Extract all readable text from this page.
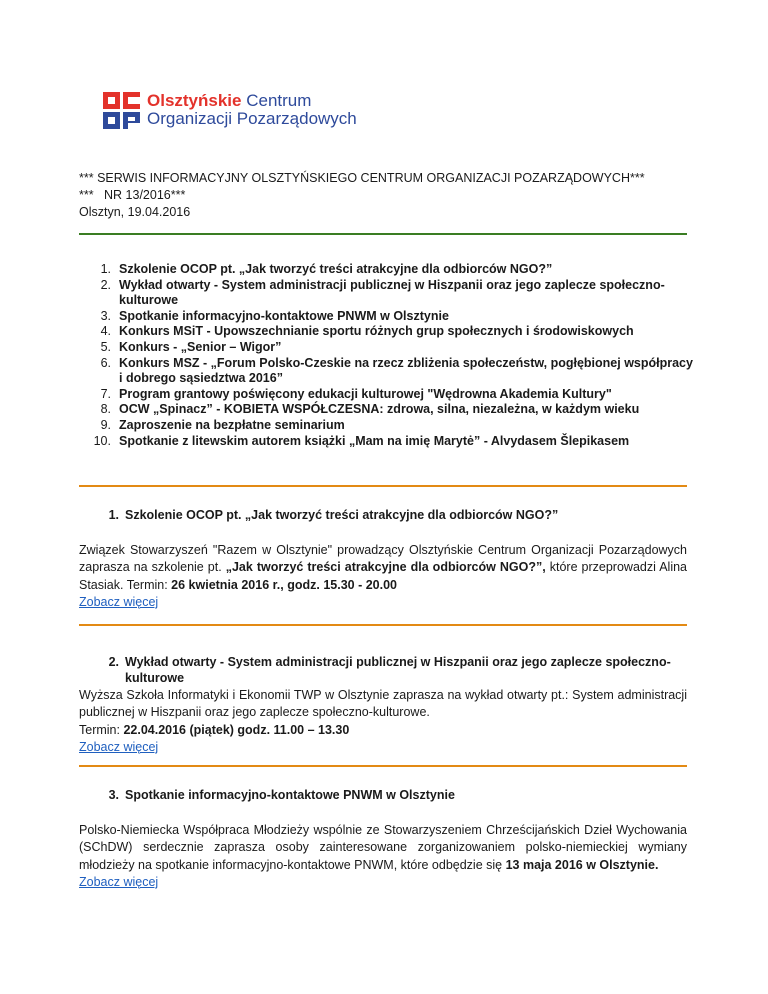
Olsztyńskie Centrum
Organizacji Pozarządowych
*** SERWIS INFORMACYJNY OLSZTYŃSKIEGO CENTRUM ORGANIZACJI POZARZĄDOWYCH***
***   NR 13/2016***
Olsztyn, 19.04.2016
1. Szkolenie OCOP pt. „Jak tworzyć treści atrakcyjne dla odbiorców NGO?”
2. Wykład otwarty - System administracji publicznej w Hiszpanii oraz jego zaplecze społeczno-kulturowe
3. Spotkanie informacyjno-kontaktowe PNWM w Olsztynie
4. Konkurs MSiT - Upowszechnianie sportu różnych grup społecznych i środowiskowych
5. Konkurs - „Senior – Wigor”
6. Konkurs MSZ - „Forum Polsko-Czeskie na rzecz zbliżenia społeczeństw, pogłębionej współpracy i dobrego sąsiedztwa 2016”
7. Program grantowy poświęcony edukacji kulturowej "Wędrowna Akademia Kultury"
8. OCW „Spinacz” - KOBIETA WSPÓŁCZESNA: zdrowa, silna, niezależna, w każdym wieku
9. Zaproszenie na bezpłatne seminarium
10. Spotkanie z litewskim autorem książki „Mam na imię Marytė” - Alvydasem Šlepikasem
1. Szkolenie OCOP pt. „Jak tworzyć treści atrakcyjne dla odbiorców NGO?”
Związek Stowarzyszeń "Razem w Olsztynie" prowadzący Olsztyńskie Centrum Organizacji Pozarządowych zaprasza na szkolenie pt. „Jak tworzyć treści atrakcyjne dla odbiorców NGO?”, które przeprowadzi Alina Stasiak. Termin: 26 kwietnia 2016 r., godz. 15.30 - 20.00
Zobacz więcej
2. Wykład otwarty - System administracji publicznej w Hiszpanii oraz jego zaplecze społeczno-kulturowe
Wyższa Szkoła Informatyki i Ekonomii TWP w Olsztynie zaprasza na wykład otwarty pt.: System administracji publicznej w Hiszpanii oraz jego zaplecze społeczno-kulturowe.
Termin: 22.04.2016 (piątek) godz. 11.00 – 13.30
Zobacz więcej
3. Spotkanie informacyjno-kontaktowe PNWM w Olsztynie
Polsko-Niemiecka Współpraca Młodzieży wspólnie ze Stowarzyszeniem Chrześcijańskich Dzieł Wychowania (SChDW) serdecznie zaprasza osoby zainteresowane zorganizowaniem polsko-niemieckiej wymiany młodzieży na spotkanie informacyjno-kontaktowe PNWM, które odbędzie się 13 maja 2016 w Olsztynie.
Zobacz więcej
